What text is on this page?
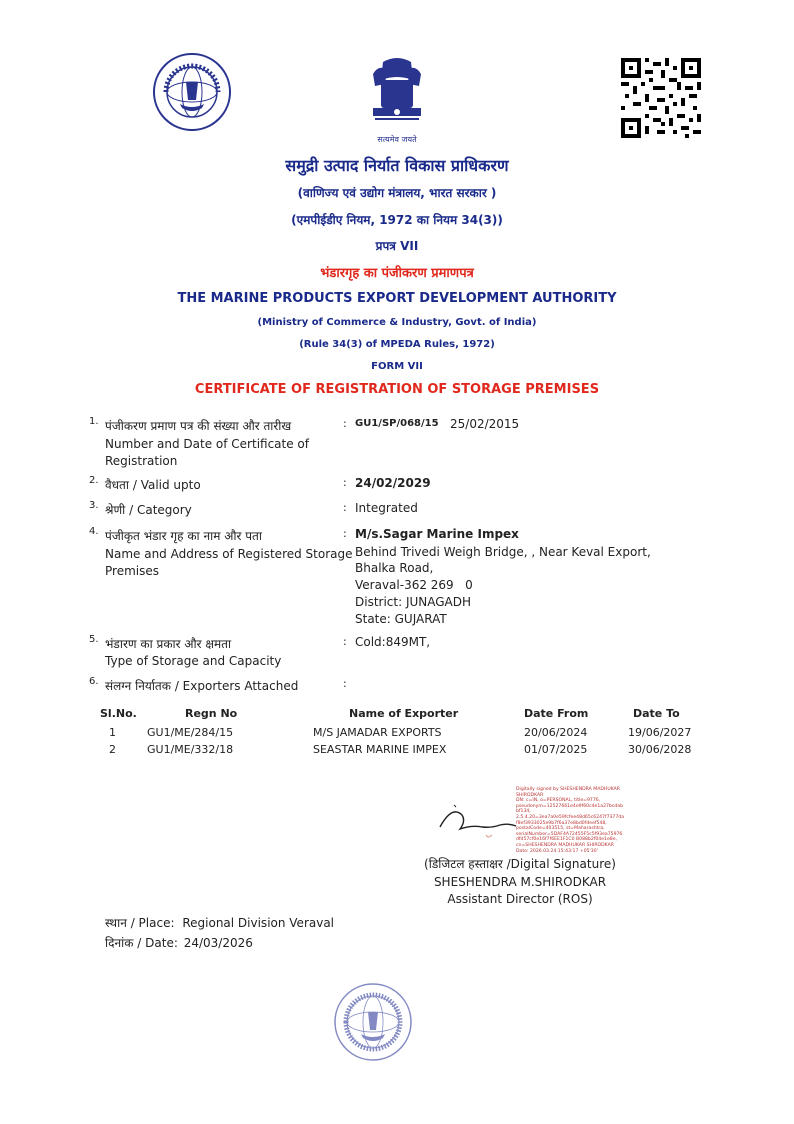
सत्यमेव जयते
समुद्री उत्पाद निर्यात विकास प्राधिकरण
(वाणिज्य एवं उद्योग मंत्रालय, भारत सरकार )
(एमपीईडीए नियम, 1972 का नियम 34(3))
प्रपत्र VII
भंडारगृह का पंजीकरण प्रमाणपत्र
THE MARINE PRODUCTS EXPORT DEVELOPMENT AUTHORITY
(Ministry of Commerce & Industry, Govt. of India)
(Rule 34(3) of MPEDA Rules, 1972)
FORM VII
CERTIFICATE OF REGISTRATION OF STORAGE PREMISES
1. पंजीकरण प्रमाण पत्र की संख्या और तारीख
Number and Date of Certificate of
Registration
: GU1/SP/068/15 25/02/2015
2. वैधता / Valid upto	: 24/02/2029
3. श्रेणी / Category	: Integrated
4. पंजीकृत भंडार गृह का नाम और पता
Name and Address of Registered Storage
Premises
: M/s.Sagar Marine Impex
Behind Trivedi Weigh Bridge, , Near Keval Export,
Bhalka Road,
Veraval-362 269   0
District: JUNAGADH
State: GUJARAT
5. भंडारण का प्रकार और क्षमता
Type of Storage and Capacity
: Cold:849MT,
6. संलग्न निर्यातक / Exporters Attached	:
Sl.No.	Regn No	Name of Exporter	Date From	Date To
1	GU1/ME/284/15	M/S JAMADAR EXPORTS	20/06/2024	19/06/2027
2	GU1/ME/332/18	SEASTAR MARINE IMPEX	01/07/2025	30/06/2028
Digitally signed by SHESHENDRA MADHUKAR
SHIRODKAR
DN: c=IN, o=PERSONAL, title=9776,
pseudonym=12527661e4e9f60c4e1a27bcdab
bf134,
2.5.4.20=3ea7a0e59fcfee48d65c6247f7377da
f8ef3933025e9b7f6a37e8bd0fdeef548,
postalCode=403515, st=Maharashtra,
serialNumber=5DAF4A72455F5c5f93ea75976
dfd57cf0e16f7f6EE1F1C0 B088b2f04e1e8e,
cn=SHESHENDRA MADHUKAR SHIRODKAR
Date: 2026.03.24 15:43:17 +05'30'
(डिजिटल हस्ताक्षर /Digital Signature)
SHESHENDRA M.SHIRODKAR
Assistant Director (ROS)
स्थान / Place: Regional Division Veraval
दिनांक / Date: 24/03/2026
